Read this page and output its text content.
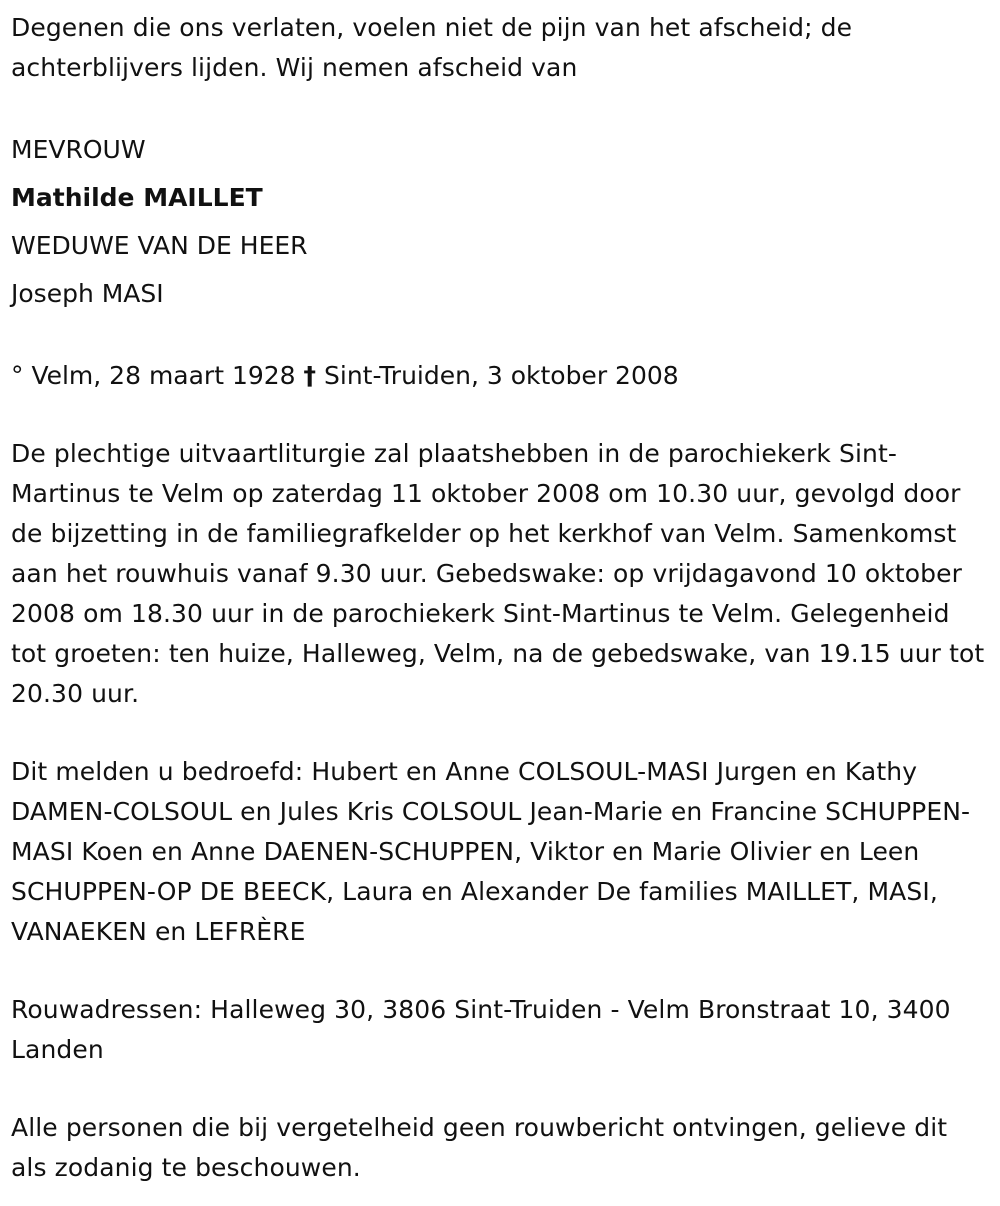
Degenen die ons verlaten, voelen niet de pijn van het afscheid; de achterblijvers lijden. Wij nemen afscheid van

MEVROUW

Mathilde MAILLET

WEDUWE VAN DE HEER

Joseph MASI

° Velm, 28 maart 1928 † Sint-Truiden, 3 oktober 2008

De plechtige uitvaartliturgie zal plaatshebben in de parochiekerk Sint-Martinus te Velm op zaterdag 11 oktober 2008 om 10.30 uur, gevolgd door de bijzetting in de familiegrafkelder op het kerkhof van Velm. Samenkomst aan het rouwhuis vanaf 9.30 uur. Gebedswake: op vrijdagavond 10 oktober 2008 om 18.30 uur in de parochiekerk Sint-Martinus te Velm. Gelegenheid tot groeten: ten huize, Halleweg, Velm, na de gebedswake, van 19.15 uur tot 20.30 uur.

Dit melden u bedroefd: Hubert en Anne COLSOUL-MASI Jurgen en Kathy DAMEN-COLSOUL en Jules Kris COLSOUL Jean-Marie en Francine SCHUPPEN-MASI Koen en Anne DAENEN-SCHUPPEN, Viktor en Marie Olivier en Leen SCHUPPEN-OP DE BEECK, Laura en Alexander De families MAILLET, MASI, VANAEKEN en LEFRÈRE

Rouwadressen: Halleweg 30, 3806 Sint-Truiden - Velm Bronstraat 10, 3400 Landen

Alle personen die bij vergetelheid geen rouwbericht ontvingen, gelieve dit als zodanig te beschouwen.
